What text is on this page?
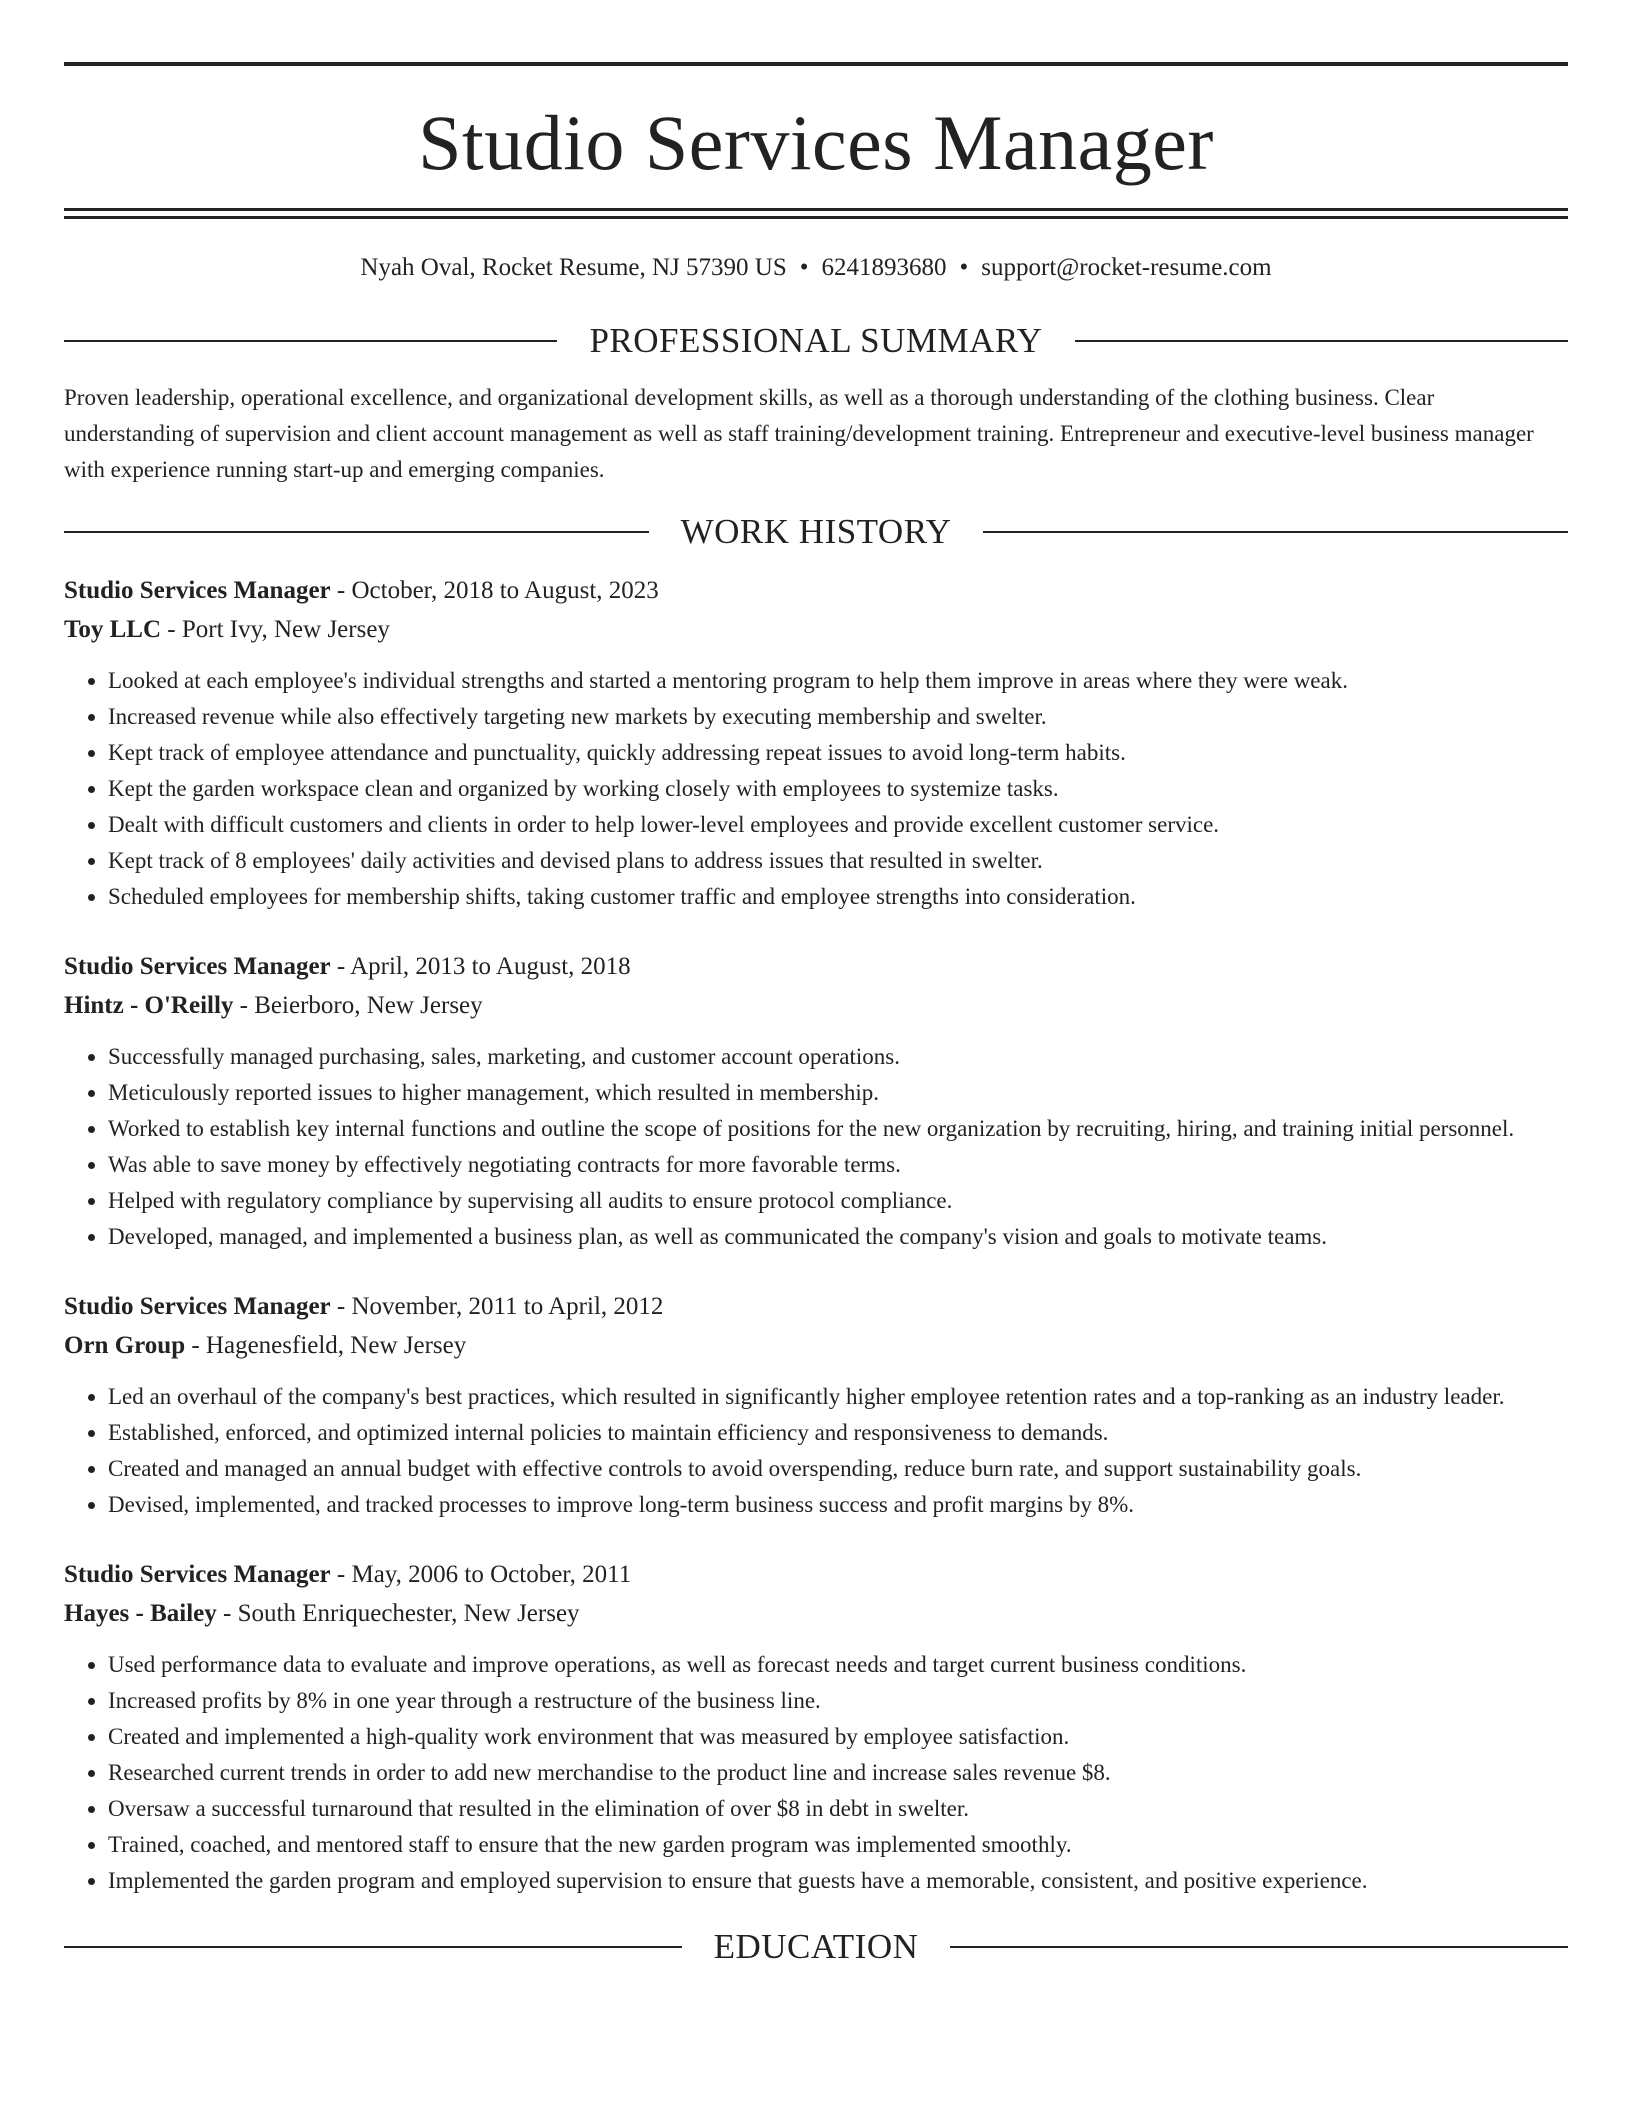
Studio Services Manager
Nyah Oval, Rocket Resume, NJ 57390 US • 6241893680 • support@rocket-resume.com
PROFESSIONAL SUMMARY

Proven leadership, operational excellence, and organizational development skills, as well as a thorough understanding of the clothing business. Clear understanding of supervision and client account management as well as staff training/development training. Entrepreneur and executive-level business manager with experience running start-up and emerging companies.

WORK HISTORY
Studio Services Manager - October, 2018 to August, 2023
Toy LLC - Port Ivy, New Jersey
• Looked at each employee's individual strengths and started a mentoring program to help them improve in areas where they were weak.
• Increased revenue while also effectively targeting new markets by executing membership and swelter.
• Kept track of employee attendance and punctuality, quickly addressing repeat issues to avoid long-term habits.
• Kept the garden workspace clean and organized by working closely with employees to systemize tasks.
• Dealt with difficult customers and clients in order to help lower-level employees and provide excellent customer service.
• Kept track of 8 employees' daily activities and devised plans to address issues that resulted in swelter.
• Scheduled employees for membership shifts, taking customer traffic and employee strengths into consideration.
Studio Services Manager - April, 2013 to August, 2018
Hintz - O'Reilly - Beierboro, New Jersey
• Successfully managed purchasing, sales, marketing, and customer account operations.
• Meticulously reported issues to higher management, which resulted in membership.
• Worked to establish key internal functions and outline the scope of positions for the new organization by recruiting, hiring, and training initial personnel.
• Was able to save money by effectively negotiating contracts for more favorable terms.
• Helped with regulatory compliance by supervising all audits to ensure protocol compliance.
• Developed, managed, and implemented a business plan, as well as communicated the company's vision and goals to motivate teams.
Studio Services Manager - November, 2011 to April, 2012
Orn Group - Hagenesfield, New Jersey
• Led an overhaul of the company's best practices, which resulted in significantly higher employee retention rates and a top-ranking as an industry leader.
• Established, enforced, and optimized internal policies to maintain efficiency and responsiveness to demands.
• Created and managed an annual budget with effective controls to avoid overspending, reduce burn rate, and support sustainability goals.
• Devised, implemented, and tracked processes to improve long-term business success and profit margins by 8%.
Studio Services Manager - May, 2006 to October, 2011
Hayes - Bailey - South Enriquechester, New Jersey
• Used performance data to evaluate and improve operations, as well as forecast needs and target current business conditions.
• Increased profits by 8% in one year through a restructure of the business line.
• Created and implemented a high-quality work environment that was measured by employee satisfaction.
• Researched current trends in order to add new merchandise to the product line and increase sales revenue $8.
• Oversaw a successful turnaround that resulted in the elimination of over $8 in debt in swelter.
• Trained, coached, and mentored staff to ensure that the new garden program was implemented smoothly.
• Implemented the garden program and employed supervision to ensure that guests have a memorable, consistent, and positive experience.
EDUCATION
